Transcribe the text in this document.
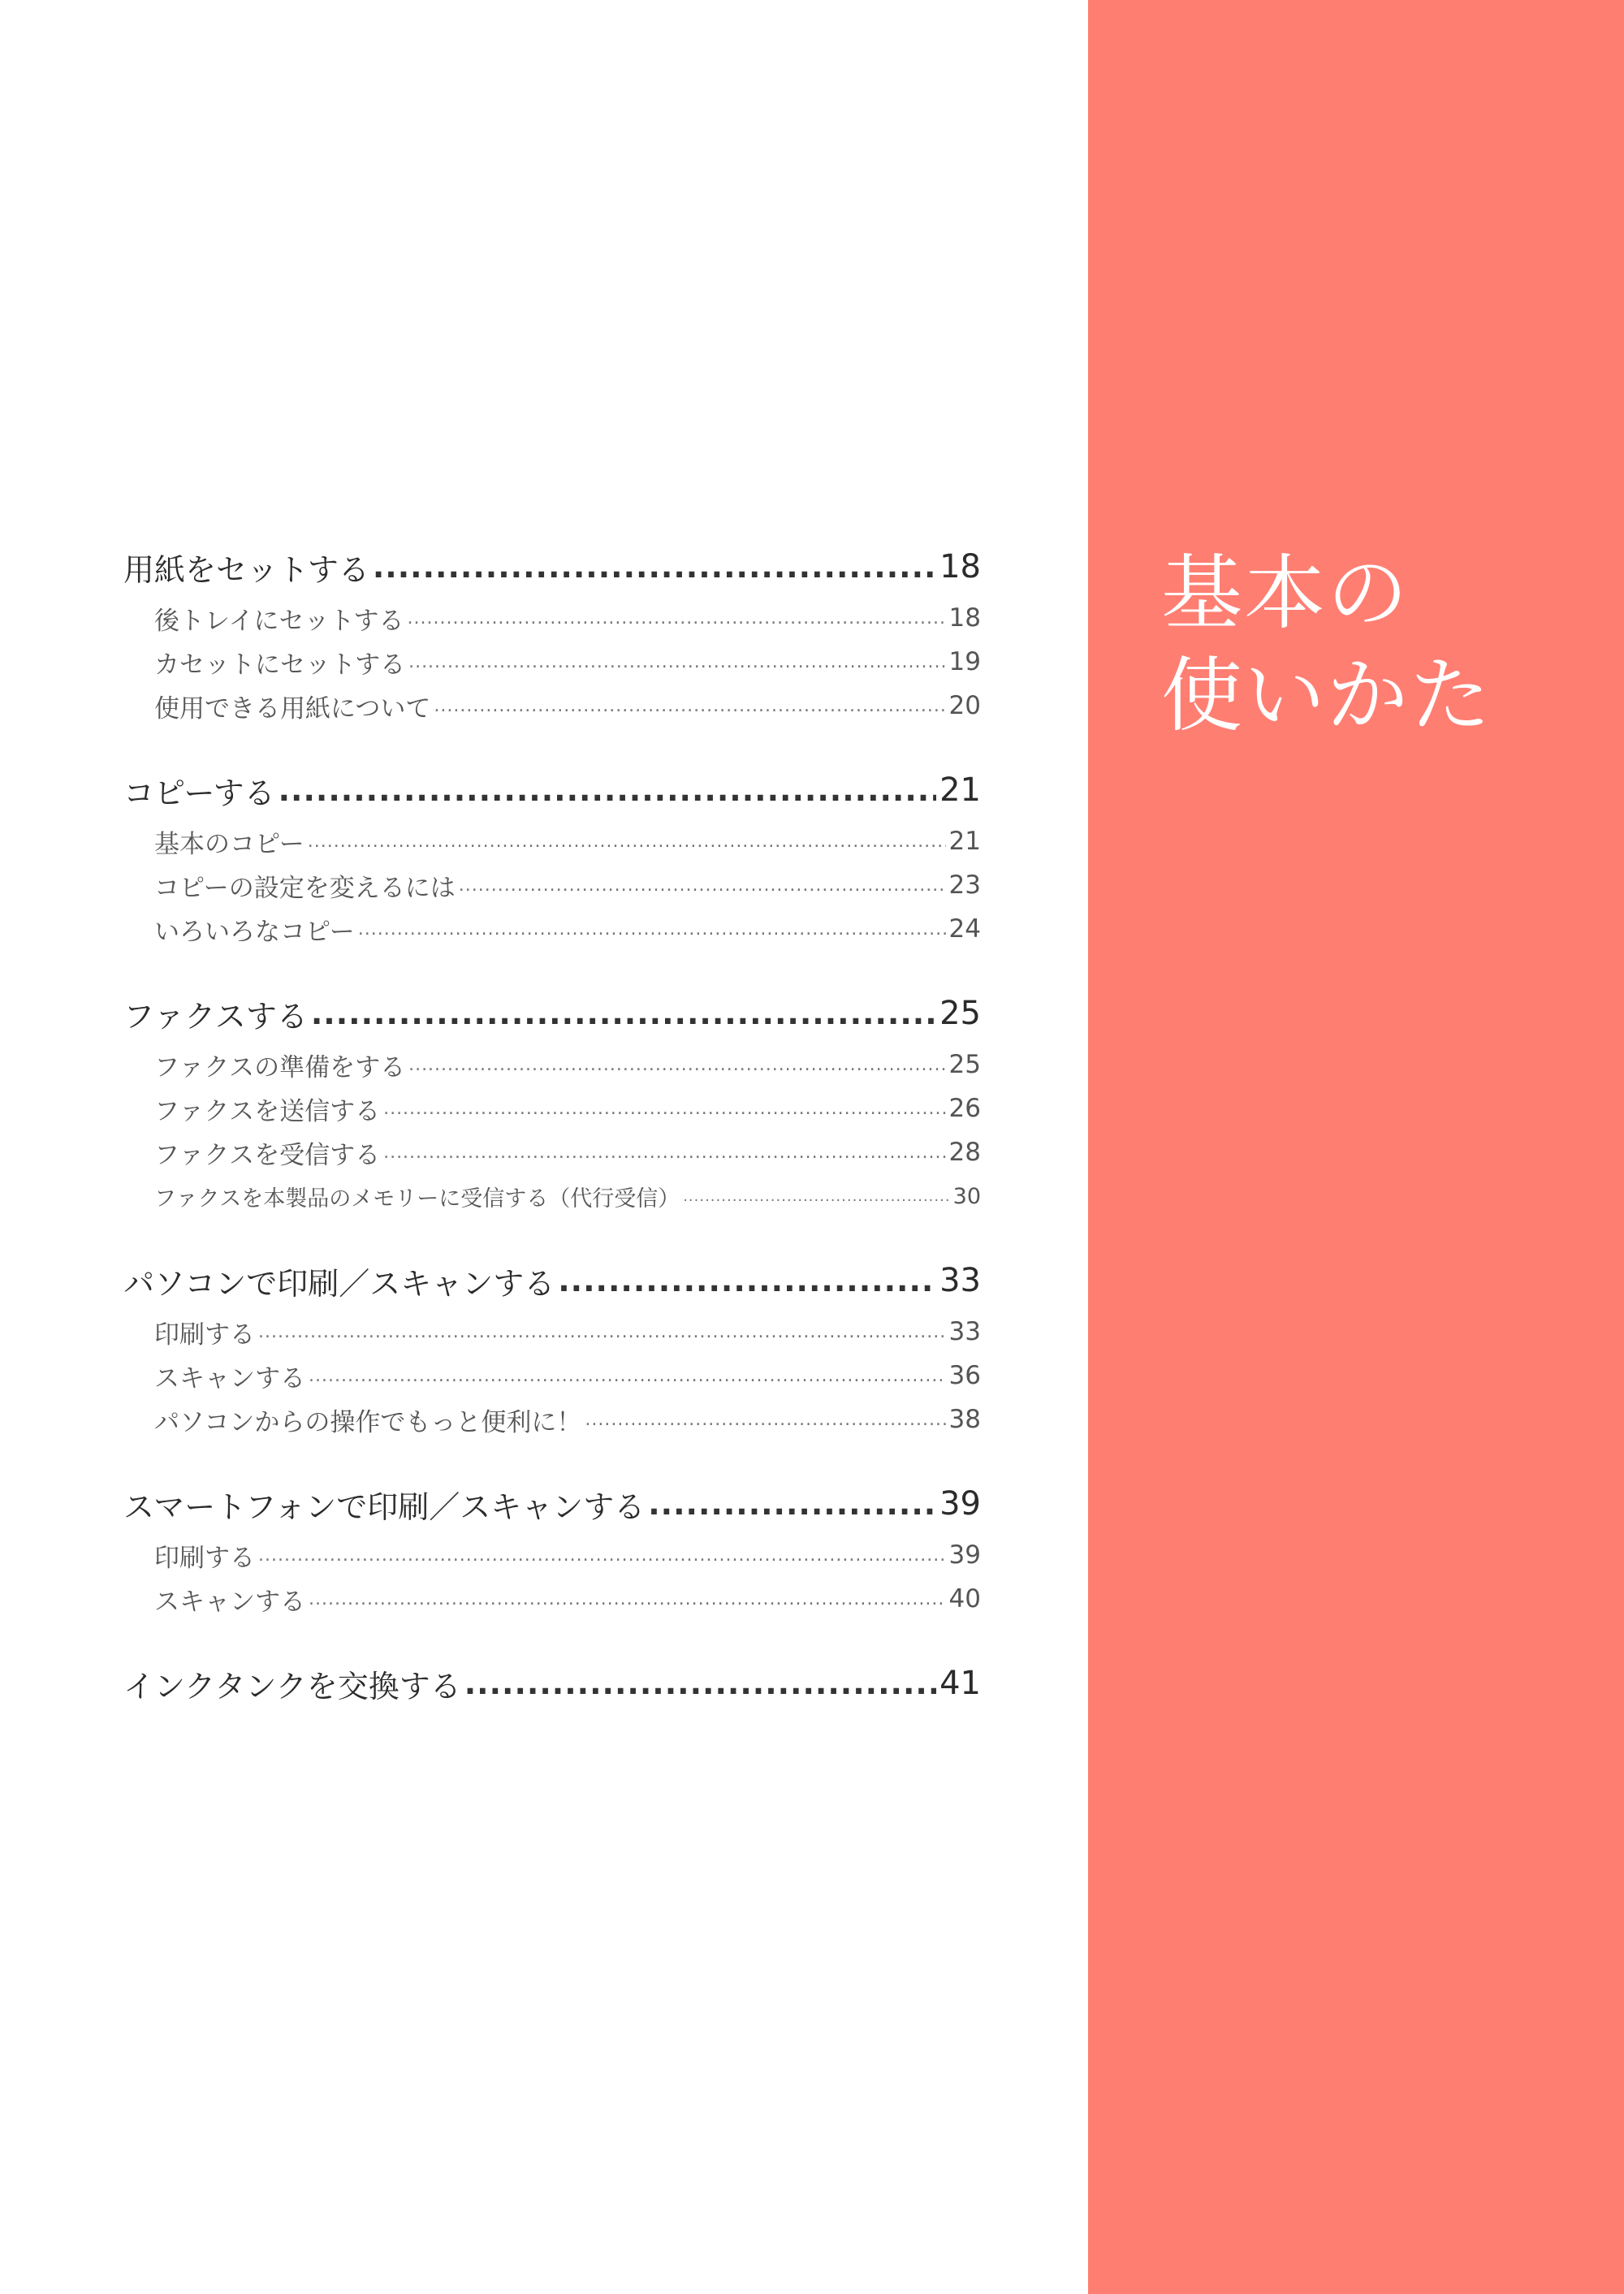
基本の
使いかた
用紙をセットする .....	18
後トレイにセットする .....	18
カセットにセットする .....	19
使用できる用紙について .....	20
コピーする .....	21
基本のコピー .....	21
コピーの設定を変えるには .....	23
いろいろなコピー .....	24
ファクスする .....	25
ファクスの準備をする .....	25
ファクスを送信する .....	26
ファクスを受信する .....	28
ファクスを本製品のメモリーに受信する（代行受信） .....	30
パソコンで印刷／スキャンする .....	33
印刷する .....	33
スキャンする .....	36
パソコンからの操作でもっと便利に！ .....	38
スマートフォンで印刷／スキャンする .....	39
印刷する .....	39
スキャンする .....	40
インクタンクを交換する .....	41
